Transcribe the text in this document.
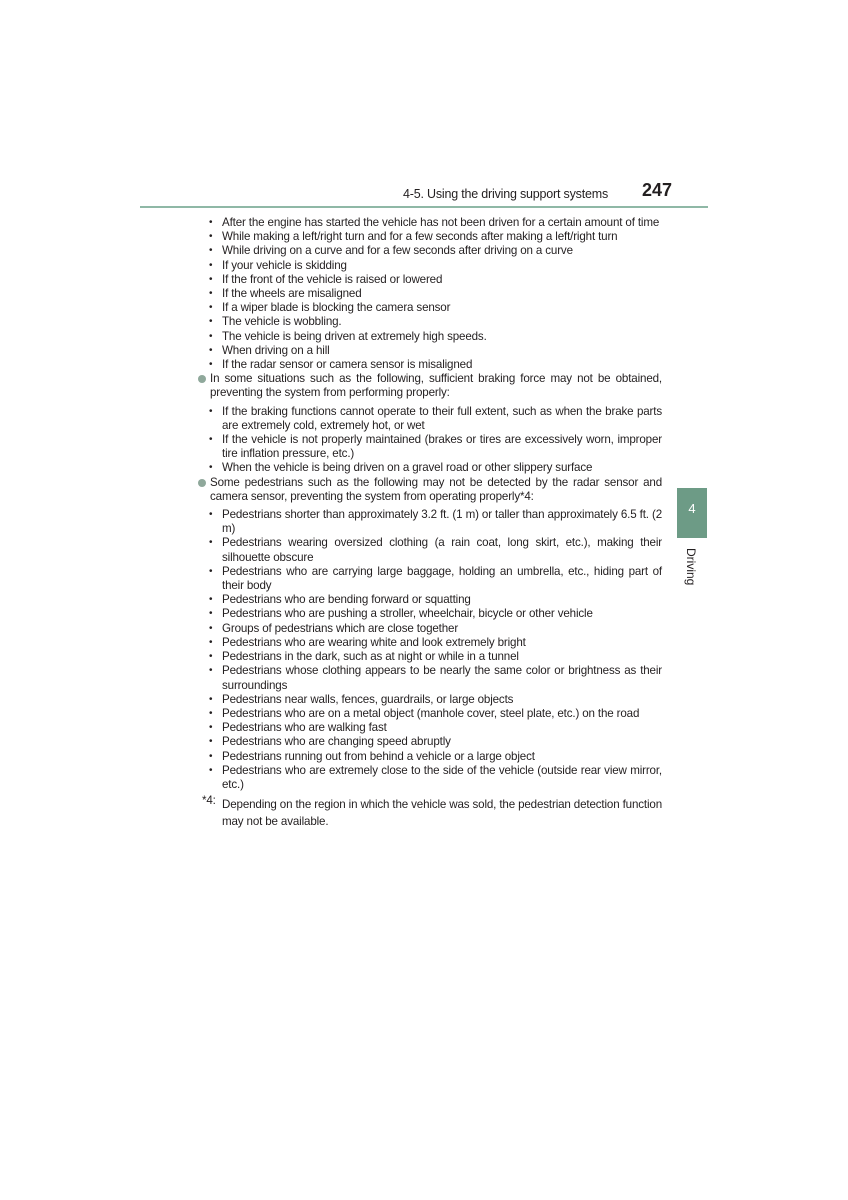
4-5. Using the driving support systems 247
4
Driving
• After the engine has started the vehicle has not been driven for a certain amount of time
• While making a left/right turn and for a few seconds after making a left/right turn
• While driving on a curve and for a few seconds after driving on a curve
• If your vehicle is skidding
• If the front of the vehicle is raised or lowered
• If the wheels are misaligned
• If a wiper blade is blocking the camera sensor
• The vehicle is wobbling.
• The vehicle is being driven at extremely high speeds.
• When driving on a hill
• If the radar sensor or camera sensor is misaligned
In some situations such as the following, sufficient braking force may not be obtained, preventing the system from performing properly:
• If the braking functions cannot operate to their full extent, such as when the brake parts are extremely cold, extremely hot, or wet
• If the vehicle is not properly maintained (brakes or tires are excessively worn, improper tire inflation pressure, etc.)
• When the vehicle is being driven on a gravel road or other slippery surface
Some pedestrians such as the following may not be detected by the radar sensor and camera sensor, preventing the system from operating properly*4:
• Pedestrians shorter than approximately 3.2 ft. (1 m) or taller than approximately 6.5 ft. (2 m)
• Pedestrians wearing oversized clothing (a rain coat, long skirt, etc.), making their silhouette obscure
• Pedestrians who are carrying large baggage, holding an umbrella, etc., hiding part of their body
• Pedestrians who are bending forward or squatting
• Pedestrians who are pushing a stroller, wheelchair, bicycle or other vehicle
• Groups of pedestrians which are close together
• Pedestrians who are wearing white and look extremely bright
• Pedestrians in the dark, such as at night or while in a tunnel
• Pedestrians whose clothing appears to be nearly the same color or brightness as their surroundings
• Pedestrians near walls, fences, guardrails, or large objects
• Pedestrians who are on a metal object (manhole cover, steel plate, etc.) on the road
• Pedestrians who are walking fast
• Pedestrians who are changing speed abruptly
• Pedestrians running out from behind a vehicle or a large object
• Pedestrians who are extremely close to the side of the vehicle (outside rear view mirror, etc.)
*4: Depending on the region in which the vehicle was sold, the pedestrian detection function may not be available.
